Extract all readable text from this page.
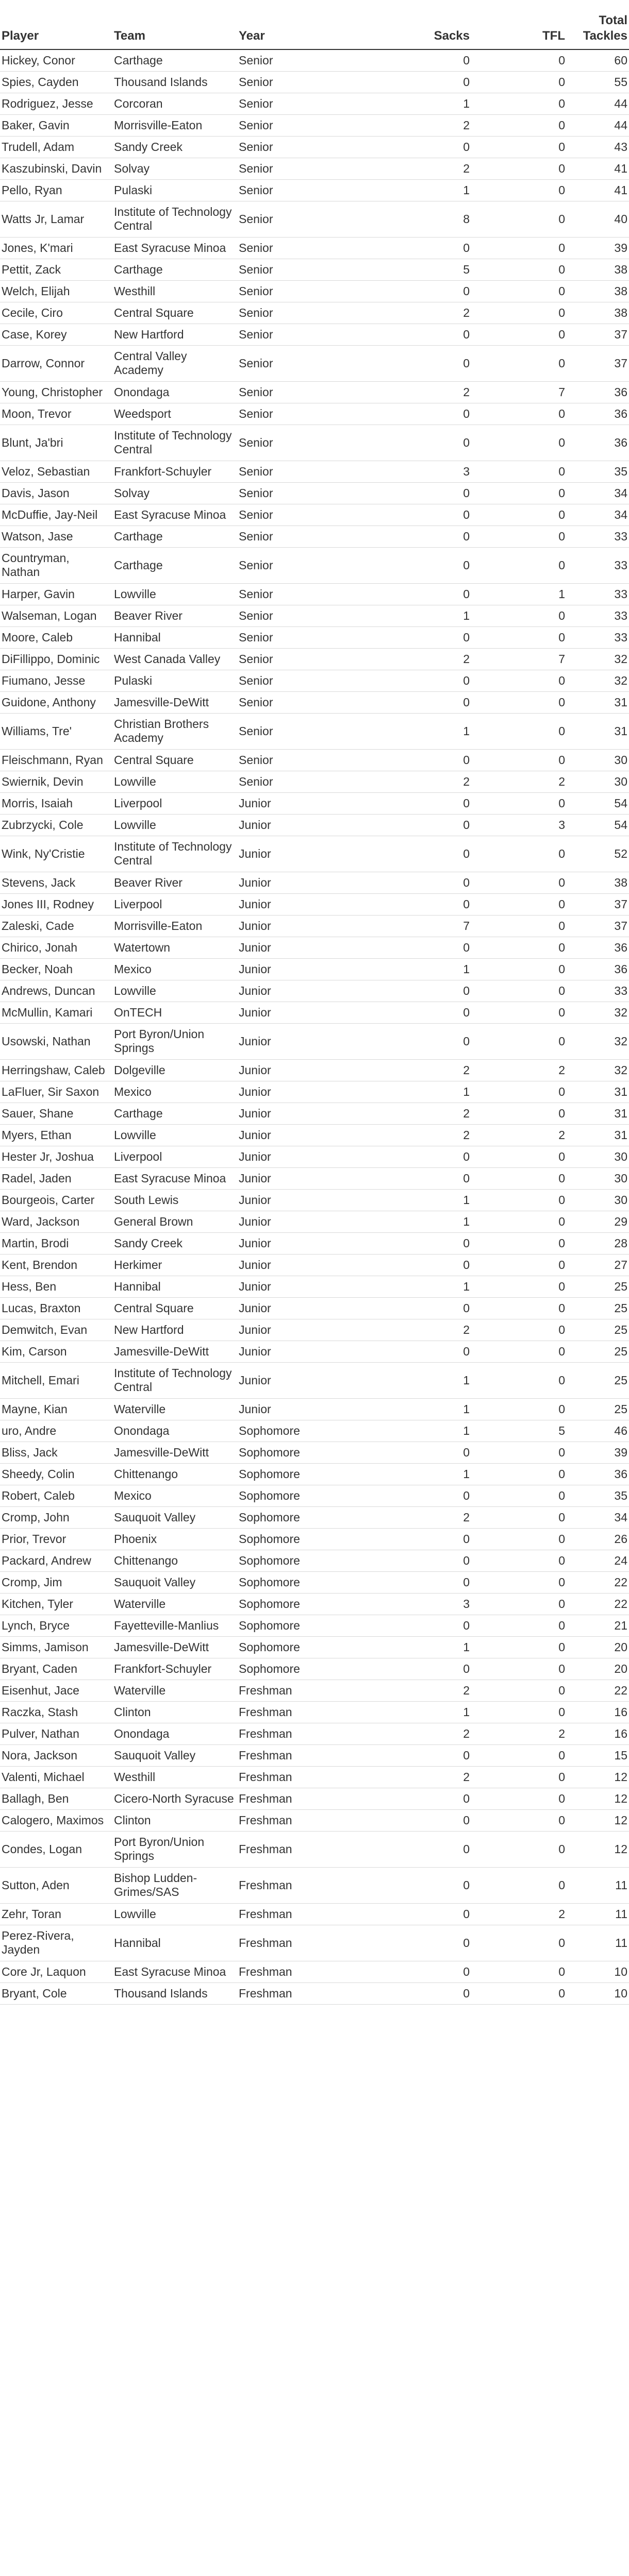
Player	Team	Year	Sacks	TFL	Total Tackles
Hickey, Conor	Carthage	Senior	0	0	60
Spies, Cayden	Thousand Islands	Senior	0	0	55
Rodriguez, Jesse	Corcoran	Senior	1	0	44
Baker, Gavin	Morrisville-Eaton	Senior	2	0	44
Trudell, Adam	Sandy Creek	Senior	0	0	43
Kaszubinski, Davin	Solvay	Senior	2	0	41
Pello, Ryan	Pulaski	Senior	1	0	41
Watts Jr, Lamar	Institute of Technology Central	Senior	8	0	40
Jones, K'mari	East Syracuse Minoa	Senior	0	0	39
Pettit, Zack	Carthage	Senior	5	0	38
Welch, Elijah	Westhill	Senior	0	0	38
Cecile, Ciro	Central Square	Senior	2	0	38
Case, Korey	New Hartford	Senior	0	0	37
Darrow, Connor	Central Valley Academy	Senior	0	0	37
Young, Christopher	Onondaga	Senior	2	7	36
Moon, Trevor	Weedsport	Senior	0	0	36
Blunt, Ja'bri	Institute of Technology Central	Senior	0	0	36
Veloz, Sebastian	Frankfort-Schuyler	Senior	3	0	35
Davis, Jason	Solvay	Senior	0	0	34
McDuffie, Jay-Neil	East Syracuse Minoa	Senior	0	0	34
Watson, Jase	Carthage	Senior	0	0	33
Countryman, Nathan	Carthage	Senior	0	0	33
Harper, Gavin	Lowville	Senior	0	1	33
Walseman, Logan	Beaver River	Senior	1	0	33
Moore, Caleb	Hannibal	Senior	0	0	33
DiFillippo, Dominic	West Canada Valley	Senior	2	7	32
Fiumano, Jesse	Pulaski	Senior	0	0	32
Guidone, Anthony	Jamesville-DeWitt	Senior	0	0	31
Williams, Tre'	Christian Brothers Academy	Senior	1	0	31
Fleischmann, Ryan	Central Square	Senior	0	0	30
Swiernik, Devin	Lowville	Senior	2	2	30
Morris, Isaiah	Liverpool	Junior	0	0	54
Zubrzycki, Cole	Lowville	Junior	0	3	54
Wink, Ny'Cristie	Institute of Technology Central	Junior	0	0	52
Stevens, Jack	Beaver River	Junior	0	0	38
Jones III, Rodney	Liverpool	Junior	0	0	37
Zaleski, Cade	Morrisville-Eaton	Junior	7	0	37
Chirico, Jonah	Watertown	Junior	0	0	36
Becker, Noah	Mexico	Junior	1	0	36
Andrews, Duncan	Lowville	Junior	0	0	33
McMullin, Kamari	OnTECH	Junior	0	0	32
Usowski, Nathan	Port Byron/Union Springs	Junior	0	0	32
Herringshaw, Caleb	Dolgeville	Junior	2	2	32
LaFluer, Sir Saxon	Mexico	Junior	1	0	31
Sauer, Shane	Carthage	Junior	2	0	31
Myers, Ethan	Lowville	Junior	2	2	31
Hester Jr, Joshua	Liverpool	Junior	0	0	30
Radel, Jaden	East Syracuse Minoa	Junior	0	0	30
Bourgeois, Carter	South Lewis	Junior	1	0	30
Ward, Jackson	General Brown	Junior	1	0	29
Martin, Brodi	Sandy Creek	Junior	0	0	28
Kent, Brendon	Herkimer	Junior	0	0	27
Hess, Ben	Hannibal	Junior	1	0	25
Lucas, Braxton	Central Square	Junior	0	0	25
Demwitch, Evan	New Hartford	Junior	2	0	25
Kim, Carson	Jamesville-DeWitt	Junior	0	0	25
Mitchell, Emari	Institute of Technology Central	Junior	1	0	25
Mayne, Kian	Waterville	Junior	1	0	25
uro, Andre	Onondaga	Sophomore	1	5	46
Bliss, Jack	Jamesville-DeWitt	Sophomore	0	0	39
Sheedy, Colin	Chittenango	Sophomore	1	0	36
Robert, Caleb	Mexico	Sophomore	0	0	35
Cromp, John	Sauquoit Valley	Sophomore	2	0	34
Prior, Trevor	Phoenix	Sophomore	0	0	26
Packard, Andrew	Chittenango	Sophomore	0	0	24
Cromp, Jim	Sauquoit Valley	Sophomore	0	0	22
Kitchen, Tyler	Waterville	Sophomore	3	0	22
Lynch, Bryce	Fayetteville-Manlius	Sophomore	0	0	21
Simms, Jamison	Jamesville-DeWitt	Sophomore	1	0	20
Bryant, Caden	Frankfort-Schuyler	Sophomore	0	0	20
Eisenhut, Jace	Waterville	Freshman	2	0	22
Raczka, Stash	Clinton	Freshman	1	0	16
Pulver, Nathan	Onondaga	Freshman	2	2	16
Nora, Jackson	Sauquoit Valley	Freshman	0	0	15
Valenti, Michael	Westhill	Freshman	2	0	12
Ballagh, Ben	Cicero-North Syracuse	Freshman	0	0	12
Calogero, Maximos	Clinton	Freshman	0	0	12
Condes, Logan	Port Byron/Union Springs	Freshman	0	0	12
Sutton, Aden	Bishop Ludden-Grimes/SAS	Freshman	0	0	11
Zehr, Toran	Lowville	Freshman	0	2	11
Perez-Rivera, Jayden	Hannibal	Freshman	0	0	11
Core Jr, Laquon	East Syracuse Minoa	Freshman	0	0	10
Bryant, Cole	Thousand Islands	Freshman	0	0	10
